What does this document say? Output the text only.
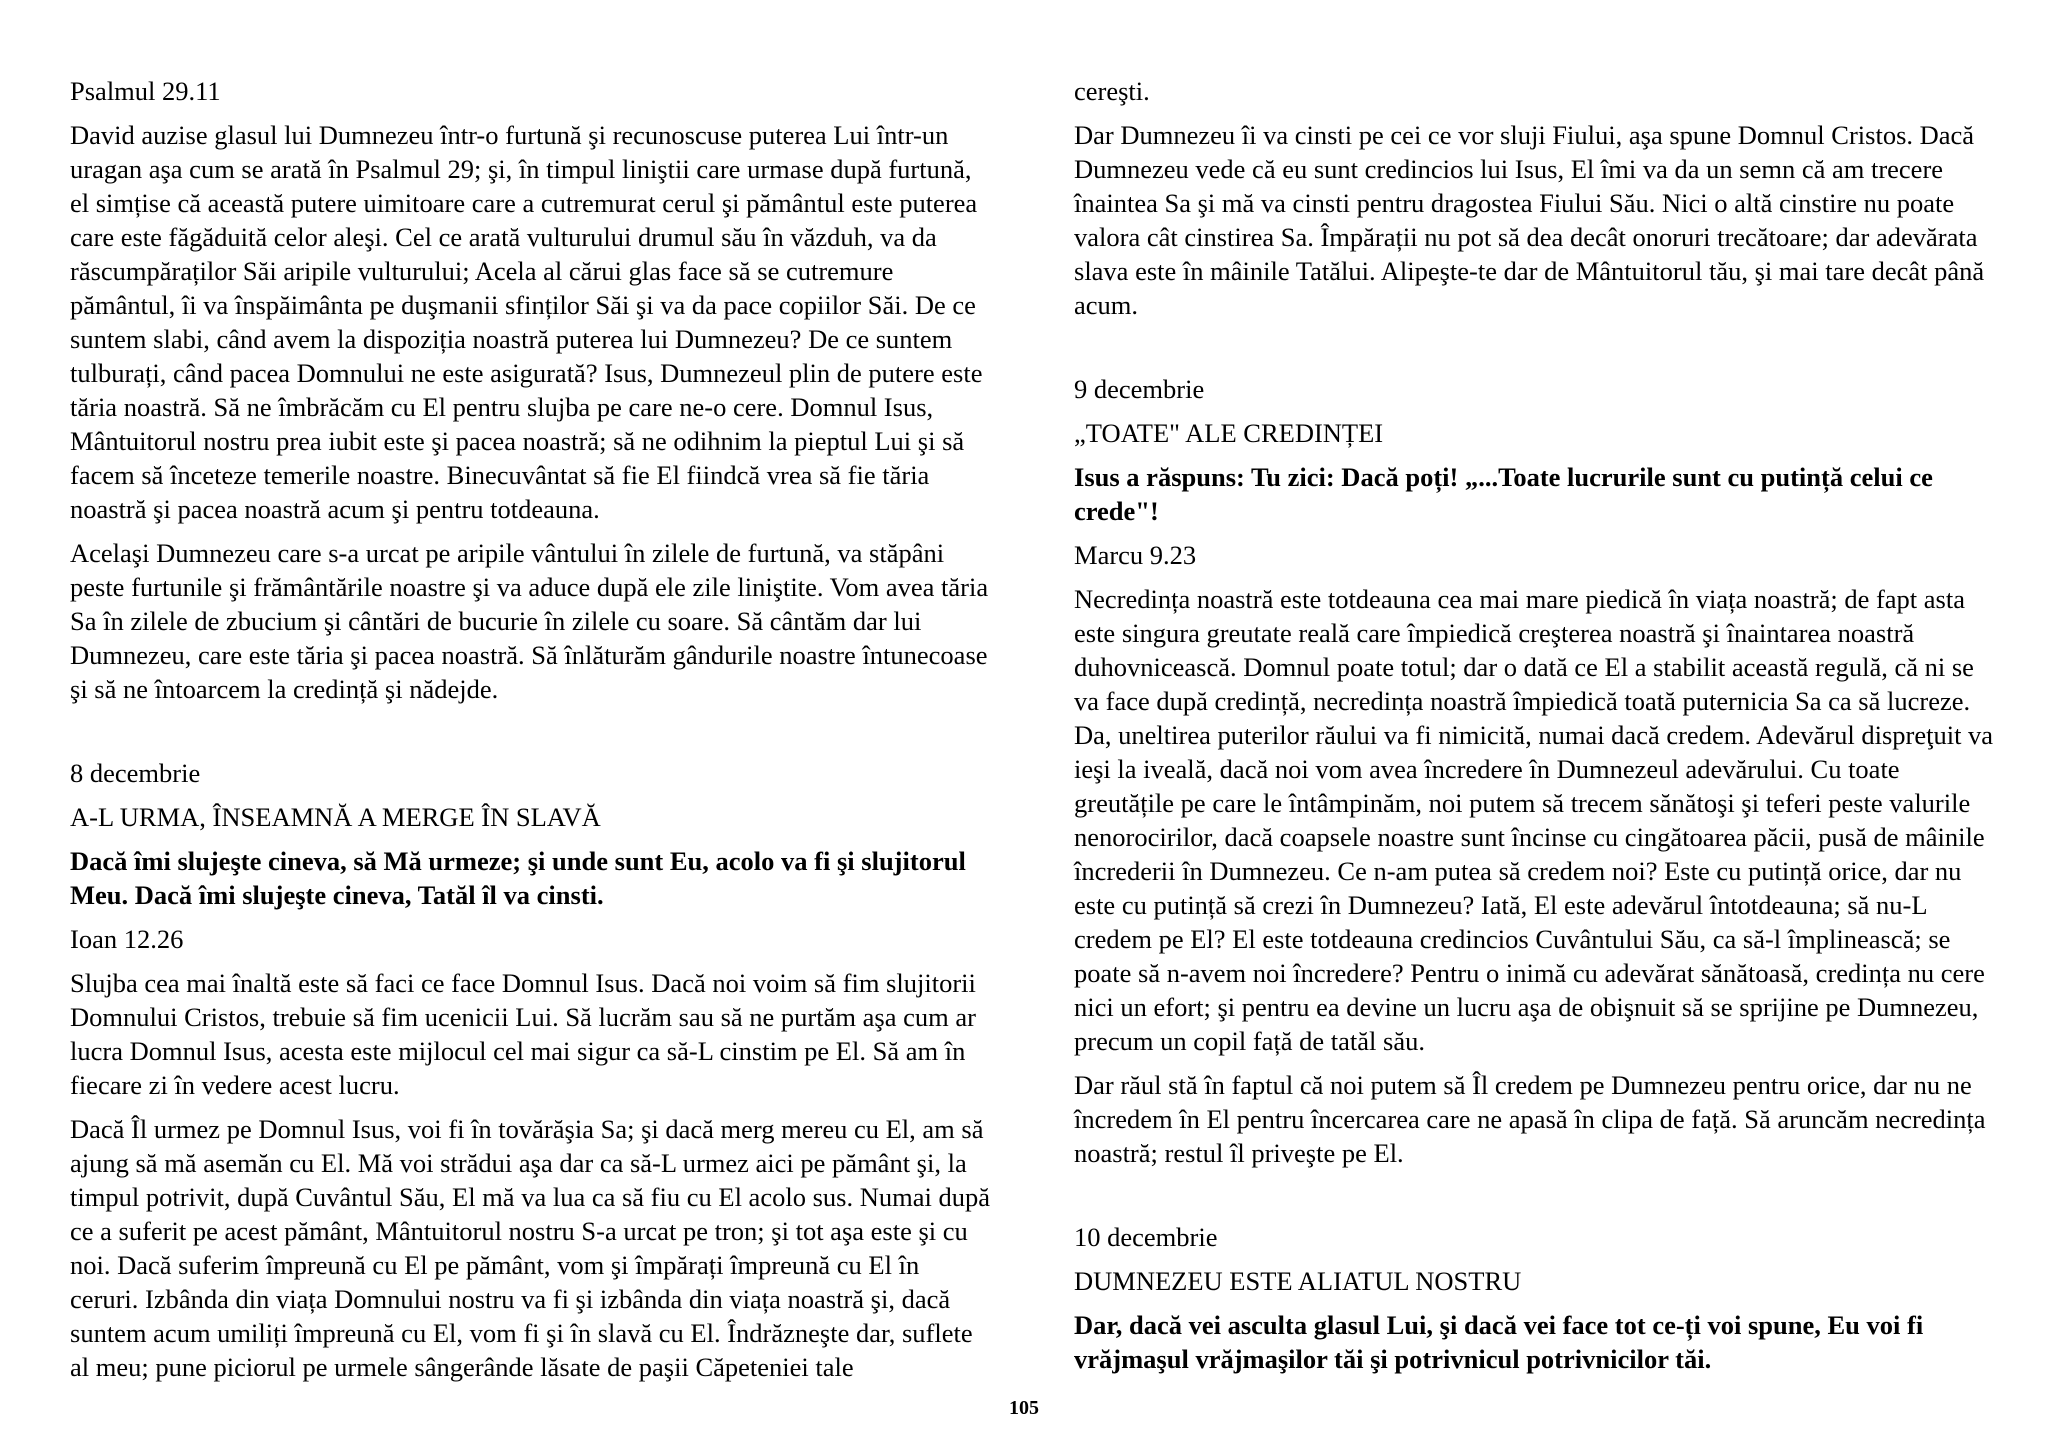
Psalmul 29.11

David auzise glasul lui Dumnezeu într-o furtună şi recunoscuse puterea Lui într-un uragan aşa cum se arată în Psalmul 29; şi, în timpul liniştii care urmase după furtună, el simțise că această putere uimitoare care a cutremurat cerul şi pământul este puterea care este făgăduită celor aleşi. Cel ce arată vulturului drumul său în văzduh, va da răscumpăraților Săi aripile vulturului; Acela al cărui glas face să se cutremure pământul, îi va înspăimânta pe duşmanii sfinților Săi şi va da pace copiilor Săi. De ce suntem slabi, când avem la dispoziția noastră puterea lui Dumnezeu? De ce suntem tulburați, când pacea Domnului ne este asigurată? Isus, Dumnezeul plin de putere este tăria noastră. Să ne îmbrăcăm cu El pentru slujba pe care ne-o cere. Domnul Isus, Mântuitorul nostru prea iubit este şi pacea noastră; să ne odihnim la pieptul Lui şi să facem să înceteze temerile noastre. Binecuvântat să fie El fiindcă vrea să fie tăria noastră şi pacea noastră acum şi pentru totdeauna.

Acelaşi Dumnezeu care s-a urcat pe aripile vântului în zilele de furtună, va stăpâni peste furtunile şi frământările noastre şi va aduce după ele zile liniştite. Vom avea tăria Sa în zilele de zbucium şi cântări de bucurie în zilele cu soare. Să cântăm dar lui Dumnezeu, care este tăria şi pacea noastră. Să înlăturăm gândurile noastre întunecoase şi să ne întoarcem la credință şi nădejde.

8 decembrie

A-L URMA, ÎNSEAMNĂ A MERGE ÎN SLAVĂ

Dacă îmi slujeşte cineva, să Mă urmeze; şi unde sunt Eu, acolo va fi şi slujitorul Meu. Dacă îmi slujeşte cineva, Tatăl îl va cinsti.

Ioan 12.26

Slujba cea mai înaltă este să faci ce face Domnul Isus. Dacă noi voim să fim slujitorii Domnului Cristos, trebuie să fim ucenicii Lui. Să lucrăm sau să ne purtăm aşa cum ar lucra Domnul Isus, acesta este mijlocul cel mai sigur ca să-L cinstim pe El. Să am în fiecare zi în vedere acest lucru.

Dacă Îl urmez pe Domnul Isus, voi fi în tovărăşia Sa; şi dacă merg mereu cu El, am să ajung să mă asemăn cu El. Mă voi strădui aşa dar ca să-L urmez aici pe pământ şi, la timpul potrivit, după Cuvântul Său, El mă va lua ca să fiu cu El acolo sus. Numai după ce a suferit pe acest pământ, Mântuitorul nostru S-a urcat pe tron; şi tot aşa este şi cu noi. Dacă suferim împreună cu El pe pământ, vom şi împărați împreună cu El în ceruri. Izbânda din viața Domnului nostru va fi şi izbânda din viața noastră şi, dacă suntem acum umiliți împreună cu El, vom fi şi în slavă cu El. Îndrăzneşte dar, suflete al meu; pune piciorul pe urmele sângerânde lăsate de paşii Căpeteniei tale

cereşti.

Dar Dumnezeu îi va cinsti pe cei ce vor sluji Fiului, aşa spune Domnul Cristos. Dacă Dumnezeu vede că eu sunt credincios lui Isus, El îmi va da un semn că am trecere înaintea Sa şi mă va cinsti pentru dragostea Fiului Său. Nici o altă cinstire nu poate valora cât cinstirea Sa. Împărații nu pot să dea decât onoruri trecătoare; dar adevărata slava este în mâinile Tatălui. Alipeşte-te dar de Mântuitorul tău, şi mai tare decât până acum.

9 decembrie

„TOATE" ALE CREDINȚEI

Isus a răspuns: Tu zici: Dacă poți! „...Toate lucrurile sunt cu putință celui ce crede"!

Marcu 9.23

Necredința noastră este totdeauna cea mai mare piedică în viața noastră; de fapt asta este singura greutate reală care împiedică creşterea noastră şi înaintarea noastră duhovnicească. Domnul poate totul; dar o dată ce El a stabilit această regulă, că ni se va face după credință, necredința noastră împiedică toată puternicia Sa ca să lucreze. Da, uneltirea puterilor răului va fi nimicită, numai dacă credem. Adevărul dispreţuit va ieşi la iveală, dacă noi vom avea încredere în Dumnezeul adevărului. Cu toate greutățile pe care le întâmpinăm, noi putem să trecem sănătoşi şi teferi peste valurile nenorocirilor, dacă coapsele noastre sunt încinse cu cingătoarea păcii, pusă de mâinile încrederii în Dumnezeu. Ce n-am putea să credem noi? Este cu putință orice, dar nu este cu putință să crezi în Dumnezeu? Iată, El este adevărul întotdeauna; să nu-L credem pe El? El este totdeauna credincios Cuvântului Său, ca să-l împlinească; se poate să n-avem noi încredere? Pentru o inimă cu adevărat sănătoasă, credința nu cere nici un efort; şi pentru ea devine un lucru aşa de obişnuit să se sprijine pe Dumnezeu, precum un copil față de tatăl său.

Dar răul stă în faptul că noi putem să Îl credem pe Dumnezeu pentru orice, dar nu ne încredem în El pentru încercarea care ne apasă în clipa de față. Să aruncăm necredința noastră; restul îl priveşte pe El.

10 decembrie

DUMNEZEU ESTE ALIATUL NOSTRU

Dar, dacă vei asculta glasul Lui, şi dacă vei face tot ce-ți voi spune, Eu voi fi vrăjmaşul vrăjmaşilor tăi şi potrivnicul potrivnicilor tăi.

105
